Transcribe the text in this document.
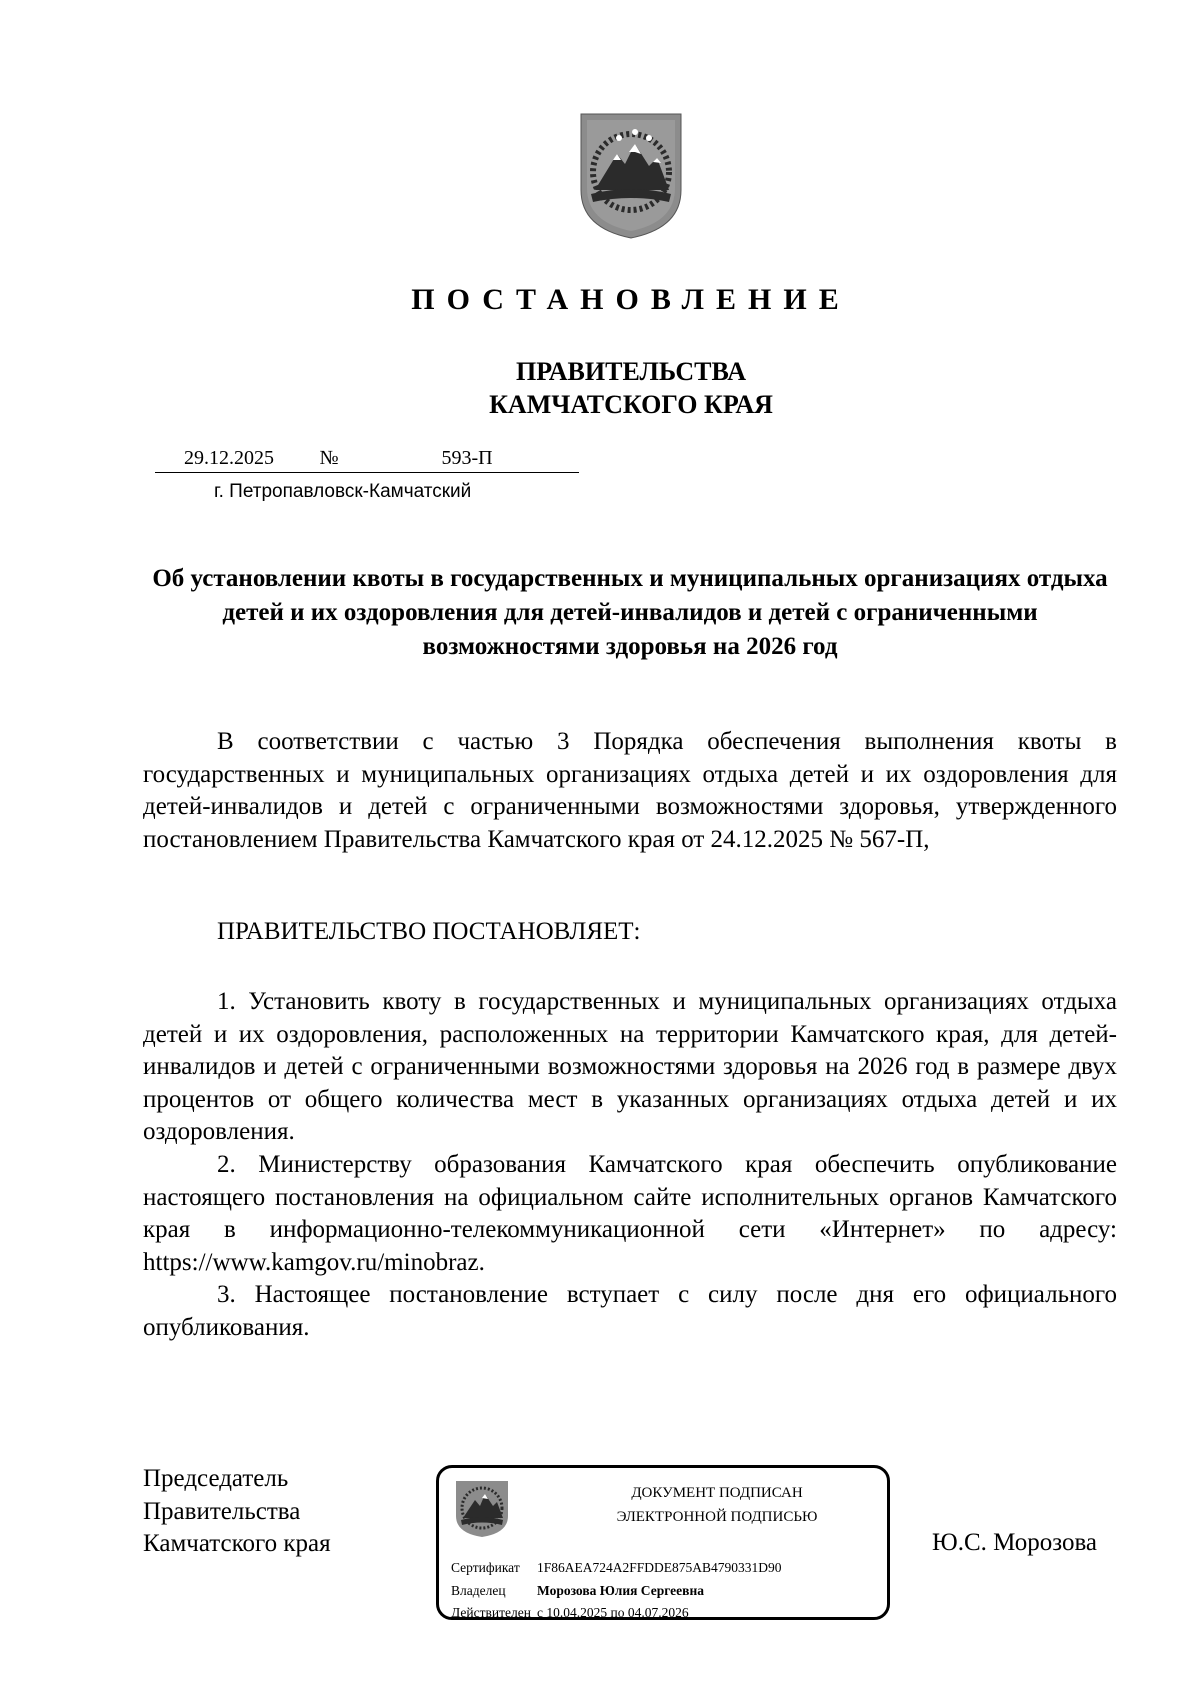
ПОСТАНОВЛЕНИЕ
ПРАВИТЕЛЬСТВА
КАМЧАТСКОГО КРАЯ
29.12.2025	№	593-П
г. Петропавловск-Камчатский
Об установлении квоты в государственных и муниципальных организациях отдыха детей и их оздоровления для детей-инвалидов и детей с ограниченными возможностями здоровья на 2026 год

В соответствии с частью 3 Порядка обеспечения выполнения квоты в государственных и муниципальных организациях отдыха детей и их оздоровления для детей-инвалидов и детей с ограниченными возможностями здоровья, утвержденного постановлением Правительства Камчатского края от 24.12.2025 № 567-П,

ПРАВИТЕЛЬСТВО ПОСТАНОВЛЯЕТ:

1. Установить квоту в государственных и муниципальных организациях отдыха детей и их оздоровления, расположенных на территории Камчатского края, для детей-инвалидов и детей с ограниченными возможностями здоровья на 2026 год в размере двух процентов от общего количества мест в указанных организациях отдыха детей и их оздоровления.

2. Министерству образования Камчатского края обеспечить опубликование настоящего постановления на официальном сайте исполнительных органов Камчатского края в информационно-телекоммуникационной сети «Интернет» по адресу: https://www.kamgov.ru/minobraz.

3. Настоящее постановление вступает с силу после дня его официального опубликования.

Председатель
Правительства
Камчатского края
ДОКУМЕНТ ПОДПИСАН
ЭЛЕКТРОННОЙ ПОДПИСЬЮ
Сертификат 1F86AEA724A2FFDDE875AB4790331D90
Владелец Морозова Юлия Сергеевна
Действителен с 10.04.2025 по 04.07.2026
Ю.С. Морозова
